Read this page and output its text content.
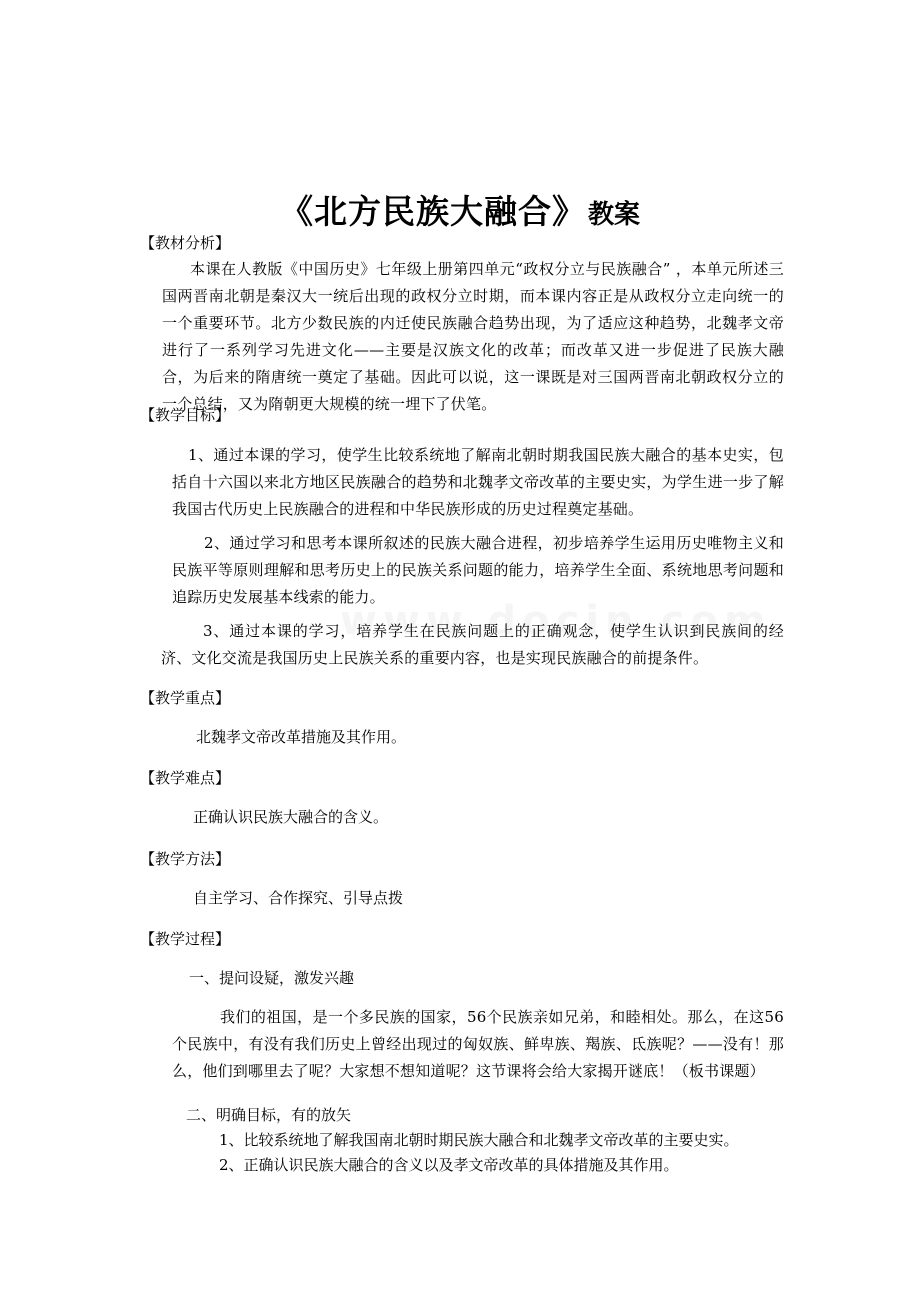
《北方民族大融合》教案
【教材分析】
本课在人教版《中国历史》七年级上册第四单元“政权分立与民族融合” ，本单元所述三国两晋南北朝是秦汉大一统后出现的政权分立时期，而本课内容正是从政权分立走向统一的一个重要环节。北方少数民族的内迁使民族融合趋势出现，为了适应这种趋势，北魏孝文帝进行了一系列学习先进文化——主要是汉族文化的改革；而改革又进一步促进了民族大融合，为后来的隋唐统一奠定了基础。因此可以说，这一课既是对三国两晋南北朝政权分立的一个总结，又为隋朝更大规模的统一埋下了伏笔。
【教学目标】
1、通过本课的学习，使学生比较系统地了解南北朝时期我国民族大融合的基本史实，包括自十六国以来北方地区民族融合的趋势和北魏孝文帝改革的主要史实，为学生进一步了解我国古代历史上民族融合的进程和中华民族形成的历史过程奠定基础。
2、通过学习和思考本课所叙述的民族大融合进程，初步培养学生运用历史唯物主义和民族平等原则理解和思考历史上的民族关系问题的能力，培养学生全面、系统地思考问题和追踪历史发展基本线索的能力。
3、通过本课的学习，培养学生在民族问题上的正确观念，使学生认识到民族间的经济、文化交流是我国历史上民族关系的重要内容，也是实现民族融合的前提条件。
【教学重点】
北魏孝文帝改革措施及其作用。
【教学难点】
正确认识民族大融合的含义。
【教学方法】
自主学习、合作探究、引导点拨
【教学过程】
一、提问设疑，激发兴趣
我们的祖国，是一个多民族的国家，56个民族亲如兄弟，和睦相处。那么，在这56个民族中，有没有我们历史上曾经出现过的匈奴族、鲜卑族、羯族、氐族呢？——没有！那么，他们到哪里去了呢？大家想不想知道呢？这节课将会给大家揭开谜底！（板书课题）
二、明确目标，有的放矢
1、比较系统地了解我国南北朝时期民族大融合和北魏孝文帝改革的主要史实。
2、正确认识民族大融合的含义以及孝文帝改革的具体措施及其作用。
